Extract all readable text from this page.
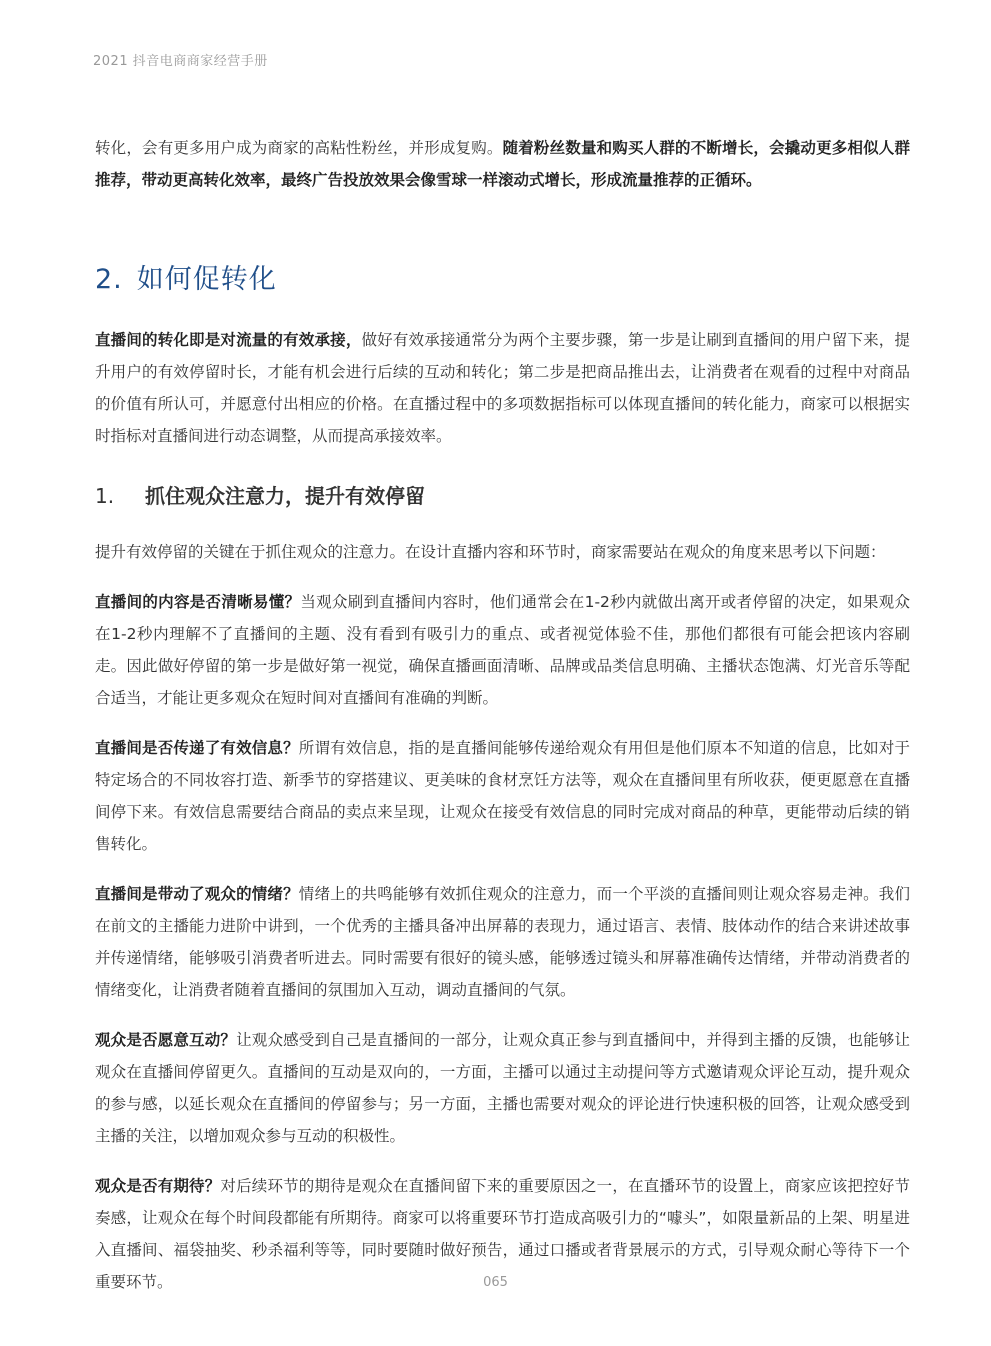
2021 抖音电商商家经营手册

转化，会有更多用户成为商家的高粘性粉丝，并形成复购。随着粉丝数量和购买人群的不断增长，会撬动更多相似人群推荐，带动更高转化效率，最终广告投放效果会像雪球一样滚动式增长，形成流量推荐的正循环。

2. 如何促转化

直播间的转化即是对流量的有效承接，做好有效承接通常分为两个主要步骤，第一步是让刷到直播间的用户留下来，提升用户的有效停留时长，才能有机会进行后续的互动和转化；第二步是把商品推出去，让消费者在观看的过程中对商品的价值有所认可，并愿意付出相应的价格。在直播过程中的多项数据指标可以体现直播间的转化能力，商家可以根据实时指标对直播间进行动态调整，从而提高承接效率。

1. 抓住观众注意力，提升有效停留

提升有效停留的关键在于抓住观众的注意力。在设计直播内容和环节时，商家需要站在观众的角度来思考以下问题：

直播间的内容是否清晰易懂？当观众刷到直播间内容时，他们通常会在1-2秒内就做出离开或者停留的决定，如果观众在1-2秒内理解不了直播间的主题、没有看到有吸引力的重点、或者视觉体验不佳，那他们都很有可能会把该内容刷走。因此做好停留的第一步是做好第一视觉，确保直播画面清晰、品牌或品类信息明确、主播状态饱满、灯光音乐等配合适当，才能让更多观众在短时间对直播间有准确的判断。

直播间是否传递了有效信息？所谓有效信息，指的是直播间能够传递给观众有用但是他们原本不知道的信息，比如对于特定场合的不同妆容打造、新季节的穿搭建议、更美味的食材烹饪方法等，观众在直播间里有所收获，便更愿意在直播间停下来。有效信息需要结合商品的卖点来呈现，让观众在接受有效信息的同时完成对商品的种草，更能带动后续的销售转化。

直播间是带动了观众的情绪？情绪上的共鸣能够有效抓住观众的注意力，而一个平淡的直播间则让观众容易走神。我们在前文的主播能力进阶中讲到，一个优秀的主播具备冲出屏幕的表现力，通过语言、表情、肢体动作的结合来讲述故事并传递情绪，能够吸引消费者听进去。同时需要有很好的镜头感，能够透过镜头和屏幕准确传达情绪，并带动消费者的情绪变化，让消费者随着直播间的氛围加入互动，调动直播间的气氛。

观众是否愿意互动？让观众感受到自己是直播间的一部分，让观众真正参与到直播间中，并得到主播的反馈，也能够让观众在直播间停留更久。直播间的互动是双向的，一方面，主播可以通过主动提问等方式邀请观众评论互动，提升观众的参与感，以延长观众在直播间的停留参与；另一方面，主播也需要对观众的评论进行快速积极的回答，让观众感受到主播的关注，以增加观众参与互动的积极性。

观众是否有期待？对后续环节的期待是观众在直播间留下来的重要原因之一，在直播环节的设置上，商家应该把控好节奏感，让观众在每个时间段都能有所期待。商家可以将重要环节打造成高吸引力的“噱头”，如限量新品的上架、明星进入直播间、福袋抽奖、秒杀福利等等，同时要随时做好预告，通过口播或者背景展示的方式，引导观众耐心等待下一个重要环节。	065
